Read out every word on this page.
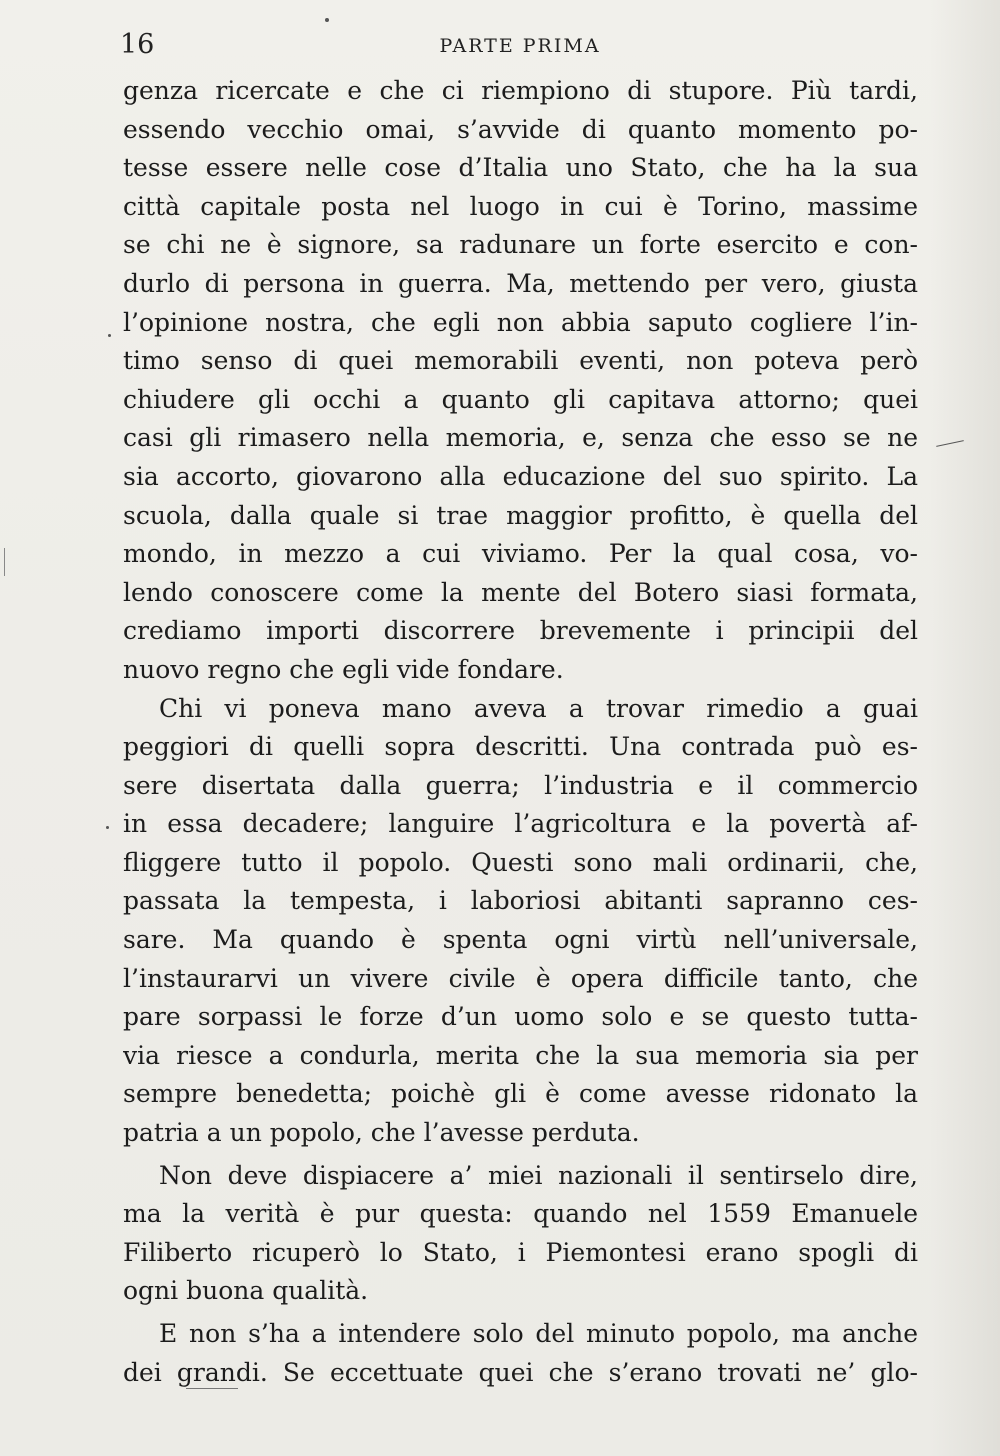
16	PARTE PRIMA
genza ricercate e che ci riempiono di stupore. Più tardi,
essendo vecchio omai, s’avvide di quanto momento po-
tesse essere nelle cose d’Italia uno Stato, che ha la sua
città capitale posta nel luogo in cui è Torino, massime
se chi ne è signore, sa radunare un forte esercito e con-
durlo di persona in guerra. Ma, mettendo per vero, giusta
l’opinione nostra, che egli non abbia saputo cogliere l’in-
timo senso di quei memorabili eventi, non poteva però
chiudere gli occhi a quanto gli capitava attorno; quei
casi gli rimasero nella memoria, e, senza che esso se ne
sia accorto, giovarono alla educazione del suo spirito. La
scuola, dalla quale si trae maggior profitto, è quella del
mondo, in mezzo a cui viviamo. Per la qual cosa, vo-
lendo conoscere come la mente del Botero siasi formata,
crediamo importi discorrere brevemente i principii del
nuovo regno che egli vide fondare.
Chi vi poneva mano aveva a trovar rimedio a guai
peggiori di quelli sopra descritti. Una contrada può es-
sere disertata dalla guerra; l’industria e il commercio
in essa decadere; languire l’agricoltura e la povertà af-
fliggere tutto il popolo. Questi sono mali ordinarii, che,
passata la tempesta, i laboriosi abitanti sapranno ces-
sare. Ma quando è spenta ogni virtù nell’universale,
l’instaurarvi un vivere civile è opera difficile tanto, che
pare sorpassi le forze d’un uomo solo e se questo tutta-
via riesce a condurla, merita che la sua memoria sia per
sempre benedetta; poichè gli è come avesse ridonato la
patria a un popolo, che l’avesse perduta.
Non deve dispiacere a’ miei nazionali il sentirselo dire,
ma la verità è pur questa: quando nel 1559 Emanuele
Filiberto ricuperò lo Stato, i Piemontesi erano spogli di
ogni buona qualità.
E non s’ha a intendere solo del minuto popolo, ma anche
dei grandi. Se eccettuate quei che s’erano trovati ne’ glo-
